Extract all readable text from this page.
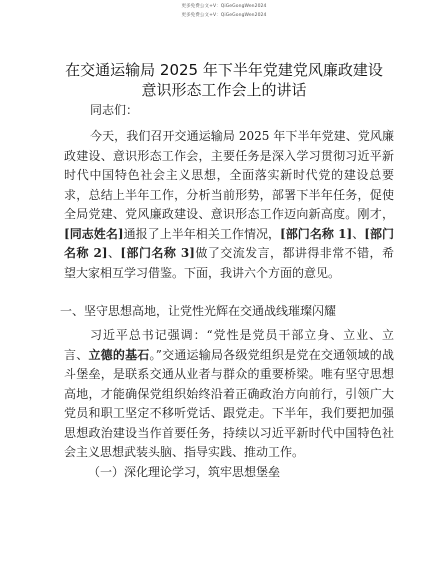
更多免费公文+V：QiGeGongWen2024
更多免费公文+V：QiGeGongWen2024
在交通运输局 2025 年下半年党建党风廉政建设
意识形态工作会上的讲话

同志们：

今天，我们召开交通运输局 2025 年下半年党建、党风廉政建设、意识形态工作会，主要任务是深入学习贯彻习近平新时代中国特色社会主义思想，全面落实新时代党的建设总要求，总结上半年工作，分析当前形势，部署下半年任务，促使全局党建、党风廉政建设、意识形态工作迈向新高度。刚才，[同志姓名]通报了上半年相关工作情况，[部门名称 1]、[部门名称 2]、[部门名称 3]做了交流发言，都讲得非常不错，希望大家相互学习借鉴。下面，我讲六个方面的意见。

一、坚守思想高地，让党性光辉在交通战线璀璨闪耀

习近平总书记强调：“党性是党员干部立身、立业、立言、立德的基石。”交通运输局各级党组织是党在交通领域的战斗堡垒，是联系交通从业者与群众的重要桥梁。唯有坚守思想高地，才能确保党组织始终沿着正确政治方向前行，引领广大党员和职工坚定不移听党话、跟党走。下半年，我们要把加强思想政治建设当作首要任务，持续以习近平新时代中国特色社会主义思想武装头脑、指导实践、推动工作。

（一）深化理论学习，筑牢思想堡垒
